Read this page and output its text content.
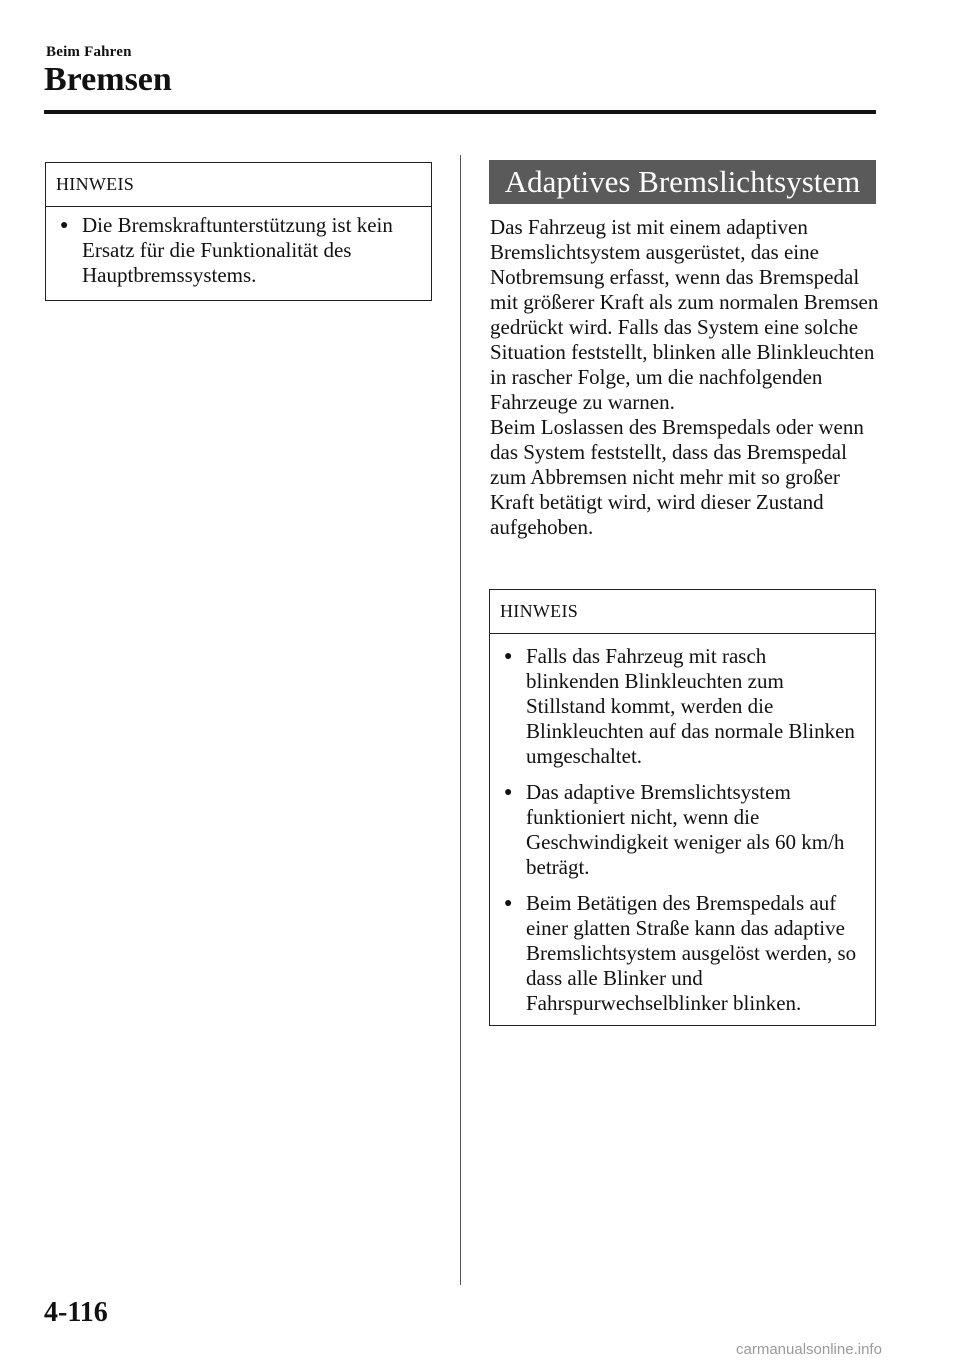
Beim Fahren
Bremsen
HINWEIS
● Die Bremskraftunterstützung ist kein Ersatz für die Funktionalität des Hauptbremssystems.
Adaptives Bremslichtsystem

Das Fahrzeug ist mit einem adaptiven Bremslichtsystem ausgerüstet, das eine Notbremsung erfasst, wenn das Bremspedal mit größerer Kraft als zum normalen Bremsen gedrückt wird. Falls das System eine solche Situation feststellt, blinken alle Blinkleuchten in rascher Folge, um die nachfolgenden Fahrzeuge zu warnen.

Beim Loslassen des Bremspedals oder wenn das System feststellt, dass das Bremspedal zum Abbremsen nicht mehr mit so großer Kraft betätigt wird, wird dieser Zustand aufgehoben.

HINWEIS
● Falls das Fahrzeug mit rasch blinkenden Blinkleuchten zum Stillstand kommt, werden die Blinkleuchten auf das normale Blinken umgeschaltet.
● Das adaptive Bremslichtsystem funktioniert nicht, wenn die Geschwindigkeit weniger als 60 km/h beträgt.
● Beim Betätigen des Bremspedals auf einer glatten Straße kann das adaptive Bremslichtsystem ausgelöst werden, so dass alle Blinker und Fahrspurwechselblinker blinken.
4-116
carmanualsonline.info
